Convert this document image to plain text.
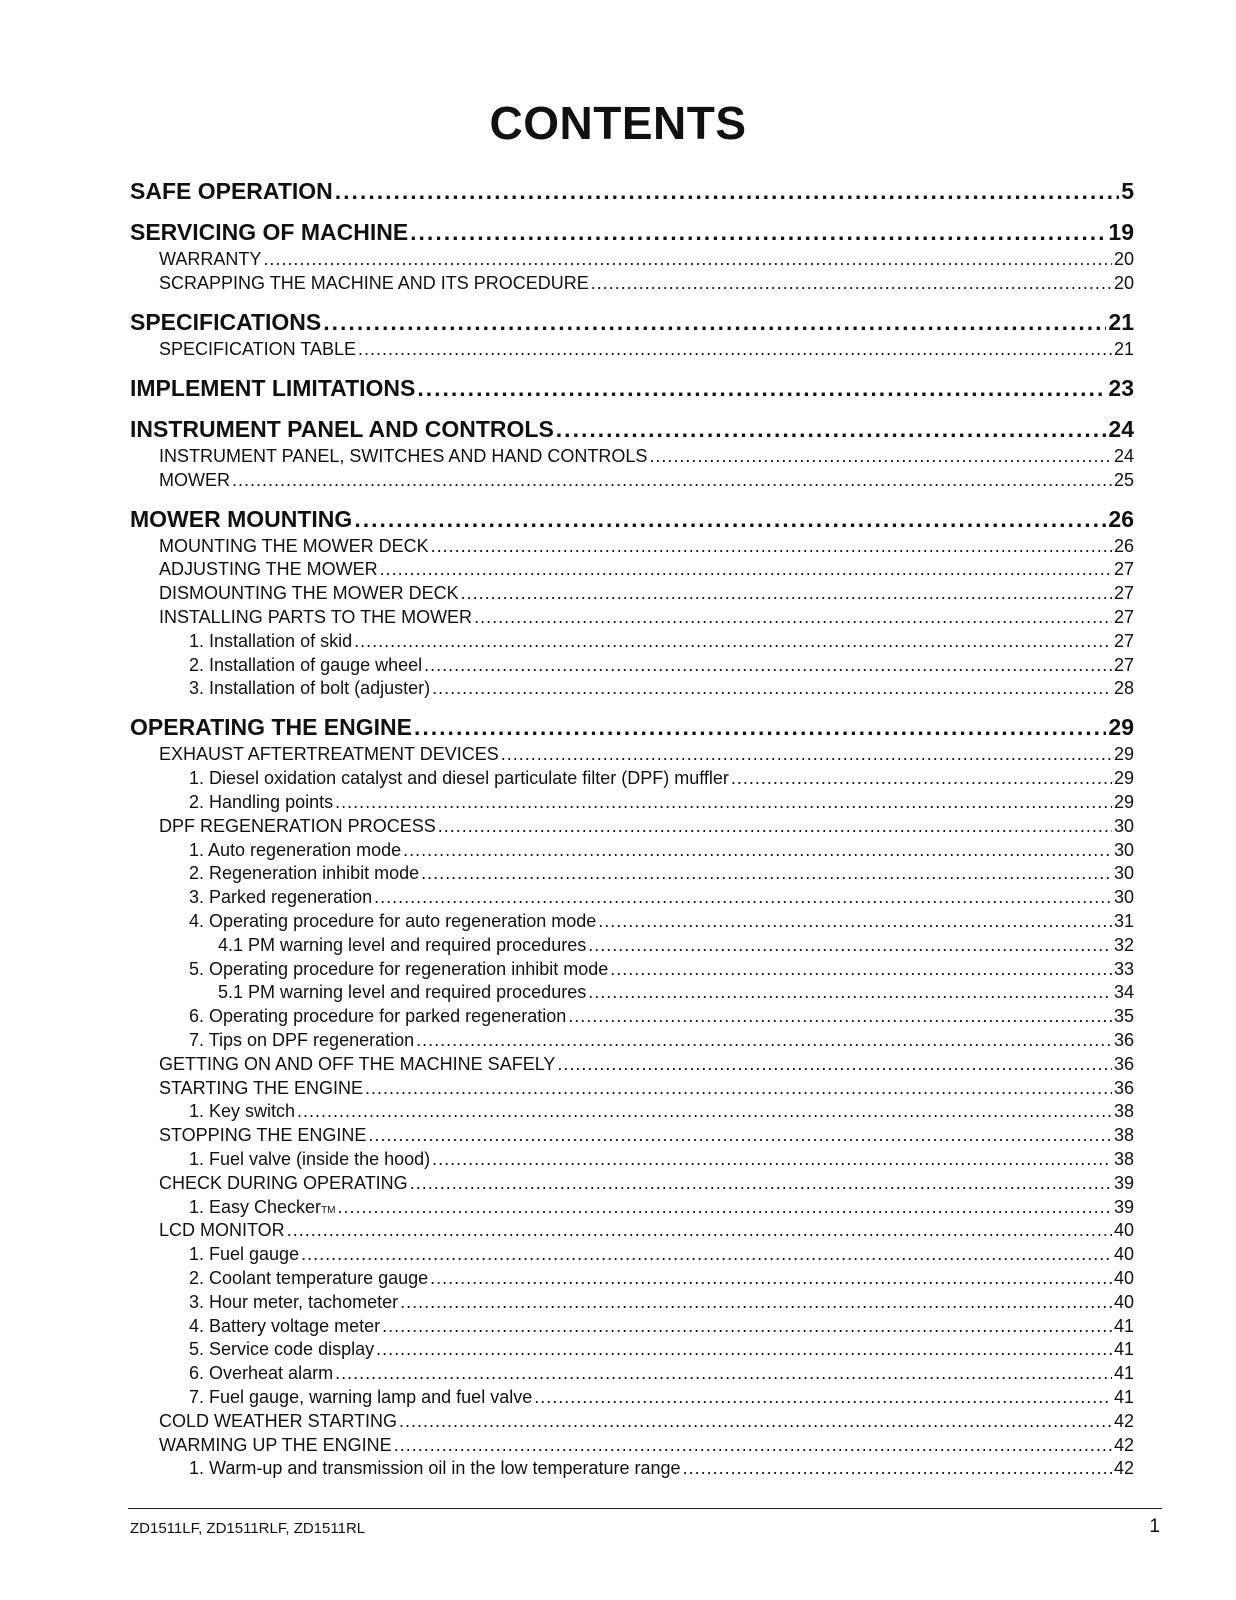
CONTENTS
SAFE OPERATION .....	5
SERVICING OF MACHINE .....	19
WARRANTY .....	20
SCRAPPING THE MACHINE AND ITS PROCEDURE .....	20
SPECIFICATIONS .....	21
SPECIFICATION TABLE .....	21
IMPLEMENT LIMITATIONS .....	23
INSTRUMENT PANEL AND CONTROLS .....	24
INSTRUMENT PANEL, SWITCHES AND HAND CONTROLS .....	24
MOWER .....	25
MOWER MOUNTING .....	26
MOUNTING THE MOWER DECK .....	26
ADJUSTING THE MOWER .....	27
DISMOUNTING THE MOWER DECK .....	27
INSTALLING PARTS TO THE MOWER .....	27
1. Installation of skid .....	27
2. Installation of gauge wheel .....	27
3. Installation of bolt (adjuster) .....	28
OPERATING THE ENGINE .....	29
EXHAUST AFTERTREATMENT DEVICES .....	29
1. Diesel oxidation catalyst and diesel particulate filter (DPF) muffler .....	29
2. Handling points .....	29
DPF REGENERATION PROCESS .....	30
1. Auto regeneration mode .....	30
2. Regeneration inhibit mode .....	30
3. Parked regeneration .....	30
4. Operating procedure for auto regeneration mode .....	31
4.1 PM warning level and required procedures .....	32
5. Operating procedure for regeneration inhibit mode .....	33
5.1 PM warning level and required procedures .....	34
6. Operating procedure for parked regeneration .....	35
7. Tips on DPF regeneration .....	36
GETTING ON AND OFF THE MACHINE SAFELY .....	36
STARTING THE ENGINE .....	36
1. Key switch .....	38
STOPPING THE ENGINE .....	38
1. Fuel valve (inside the hood) .....	38
CHECK DURING OPERATING .....	39
1. Easy Checker TM .....	39
LCD MONITOR .....	40
1. Fuel gauge .....	40
2. Coolant temperature gauge .....	40
3. Hour meter, tachometer .....	40
4. Battery voltage meter .....	41
5. Service code display .....	41
6. Overheat alarm .....	41
7. Fuel gauge, warning lamp and fuel valve .....	41
COLD WEATHER STARTING .....	42
WARMING UP THE ENGINE .....	42
1. Warm-up and transmission oil in the low temperature range .....	42
ZD1511LF, ZD1511RLF, ZD1511RL	1
